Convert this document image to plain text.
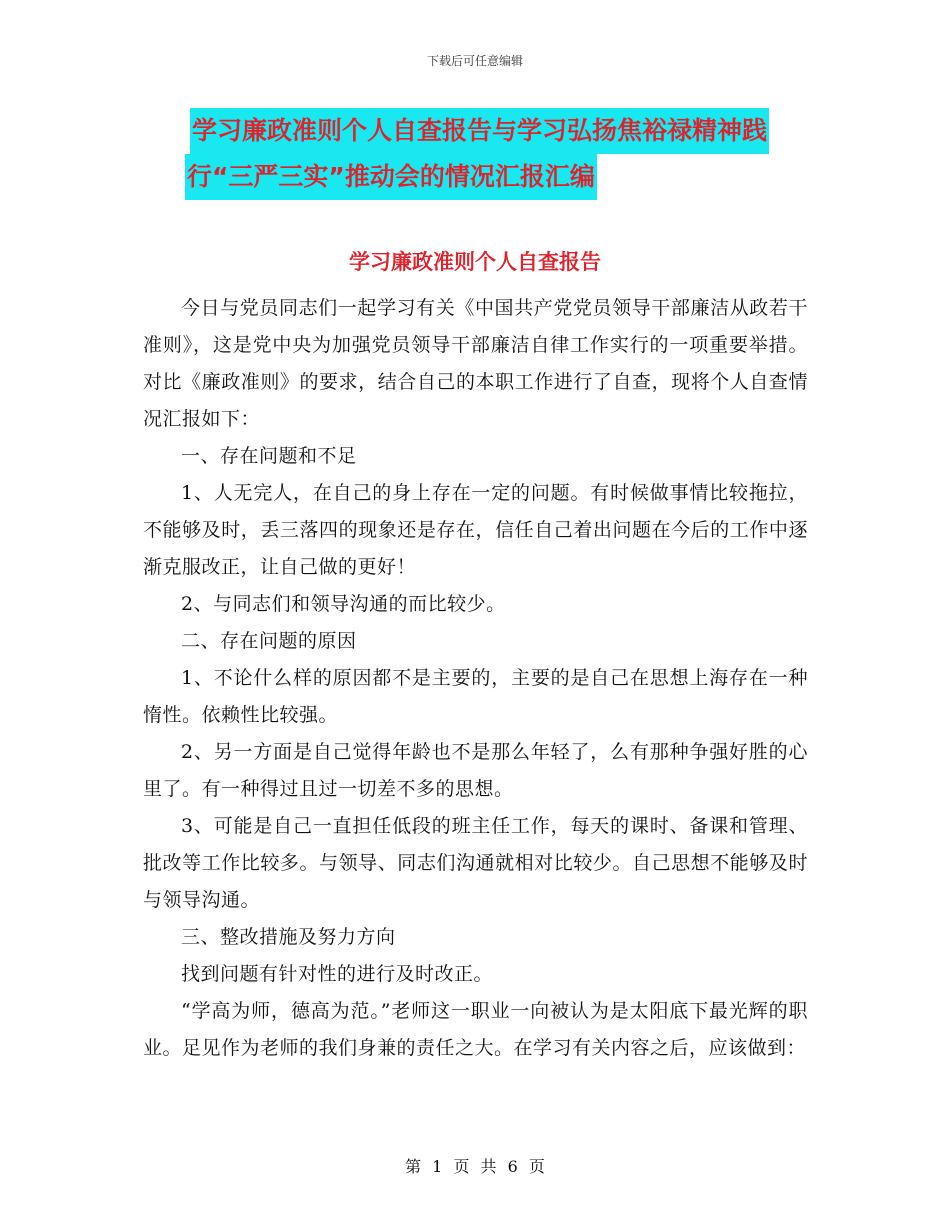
下载后可任意编辑
学习廉政准则个人自查报告与学习弘扬焦裕禄精神践
行“三严三实”推动会的情况汇报汇编
学习廉政准则个人自查报告

今日与党员同志们一起学习有关《中国共产党党员领导干部廉洁从政若干准则》，这是党中央为加强党员领导干部廉洁自律工作实行的一项重要举措。对比《廉政准则》的要求，结合自己的本职工作进行了自查，现将个人自查情况汇报如下：

一、存在问题和不足

1、人无完人，在自己的身上存在一定的问题。有时候做事情比较拖拉，不能够及时，丢三落四的现象还是存在，信任自己着出问题在今后的工作中逐渐克服改正，让自己做的更好！

2、与同志们和领导沟通的而比较少。

二、存在问题的原因

1、不论什么样的原因都不是主要的，主要的是自己在思想上海存在一种惰性。依赖性比较强。

2、另一方面是自己觉得年龄也不是那么年轻了，么有那种争强好胜的心里了。有一种得过且过一切差不多的思想。

3、可能是自己一直担任低段的班主任工作，每天的课时、备课和管理、批改等工作比较多。与领导、同志们沟通就相对比较少。自己思想不能够及时与领导沟通。

三、整改措施及努力方向

找到问题有针对性的进行及时改正。

“学高为师，德高为范。”老师这一职业一向被认为是太阳底下最光辉的职业。足见作为老师的我们身兼的责任之大。在学习有关内容之后，应该做到：

第 1 页 共 6 页
